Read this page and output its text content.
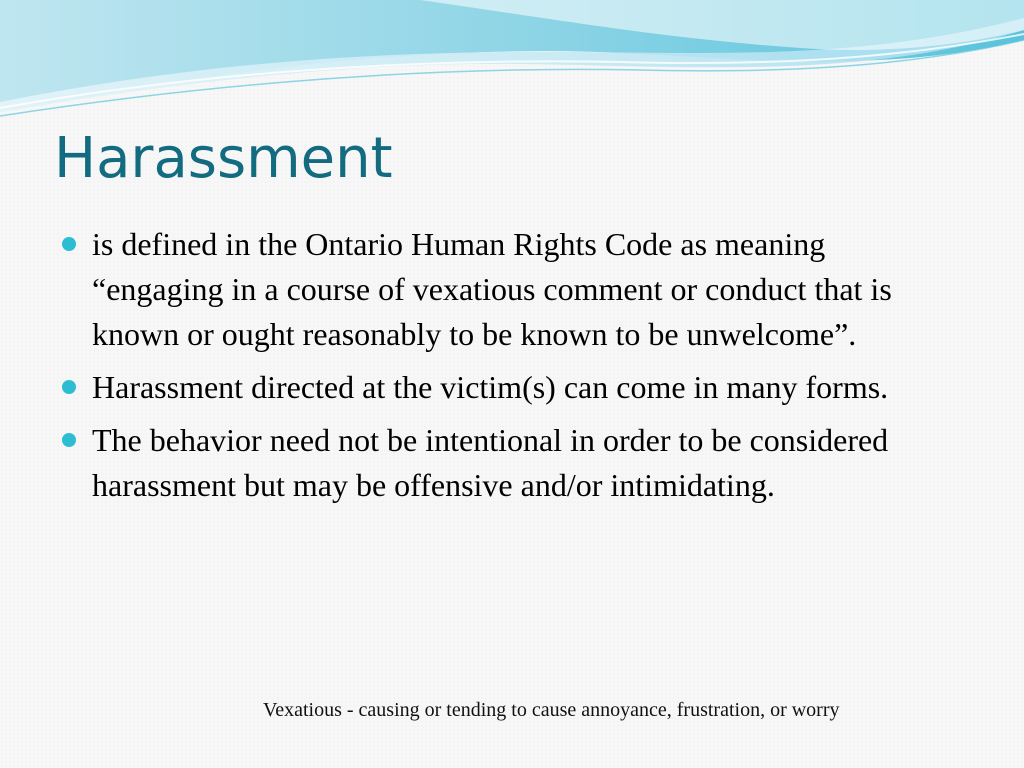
Harassment
is defined in the Ontario Human Rights Code as meaning “engaging in a course of vexatious comment or conduct that is known or ought reasonably to be known to be unwelcome”.
Harassment directed at the victim(s) can come in many forms.
The behavior need not be intentional in order to be considered harassment but may be offensive and/or intimidating.
Vexatious - causing or tending to cause annoyance, frustration, or worry
